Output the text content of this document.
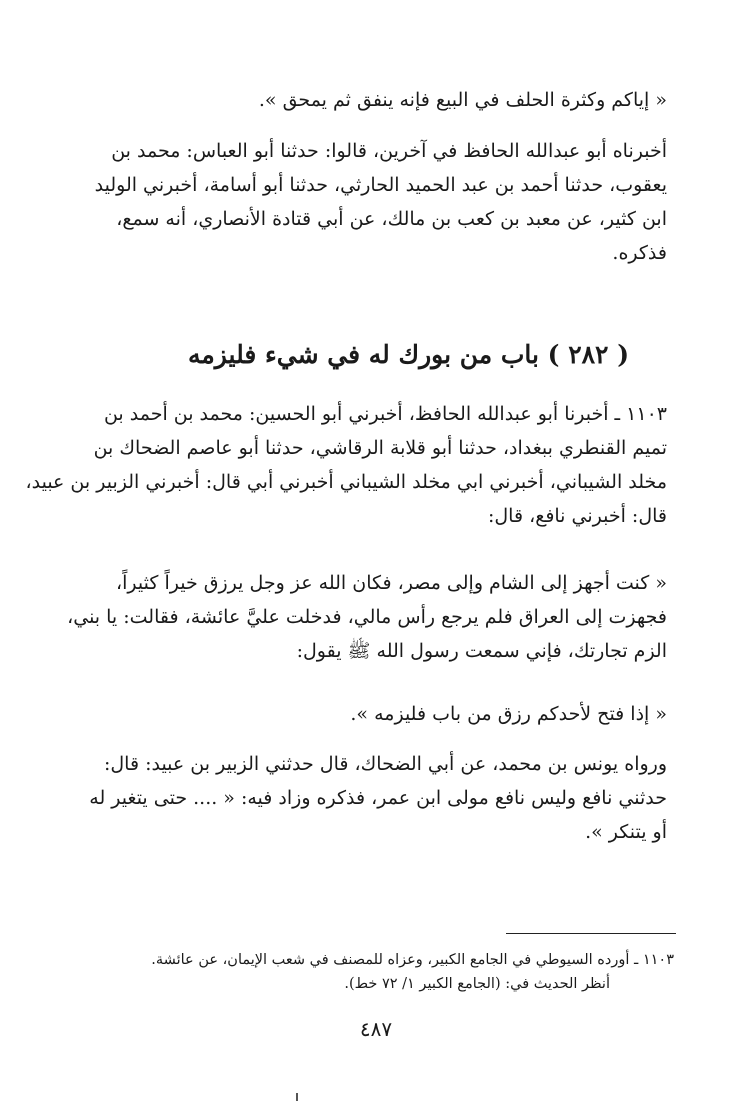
« إياكم وكثرة الحلف في البيع فإنه ينفق ثم يمحق ».
أخبرناه أبو عبدالله الحافظ في آخرين، قالوا: حدثنا أبو العباس: محمد بن
يعقوب، حدثنا أحمد بن عبد الحميد الحارثي، حدثنا أبو أسامة، أخبرني الوليد
ابن كثير، عن معبد بن كعب بن مالك، عن أبي قتادة الأنصاري، أنه سمع،
فذكره.
( ٢٨٢ ) باب من بورك له في شيء فليزمه
١١٠٣ ـ أخبرنا أبو عبدالله الحافظ، أخبرني أبو الحسين: محمد بن أحمد بن
تميم القنطري ببغداد، حدثنا أبو قلابة الرقاشي، حدثنا أبو عاصم الضحاك بن
مخلد الشيباني، أخبرني ابي مخلد الشيباني أخبرني أبي قال: أخبرني الزبير بن عبيد،
قال: أخبرني نافع، قال:
« كنت أجهز إلى الشام وإلى مصر، فكان الله عز وجل يرزق خيراً كثيراً،
فجهزت إلى العراق فلم يرجع رأس مالي، فدخلت عليَّ عائشة، فقالت: يا بني،
الزم تجارتك، فإني سمعت رسول الله ﷺ يقول:
« إذا فتح لأحدكم رزق من باب فليزمه ».
ورواه يونس بن محمد، عن أبي الضحاك، قال حدثني الزبير بن عبيد: قال:
حدثني نافع وليس نافع مولى ابن عمر، فذكره وزاد فيه: « .... حتى يتغير له
أو يتنكر ».
١١٠٣ ـ أورده السيوطي في الجامع الكبير، وعزاه للمصنف في شعب الإيمان، عن عائشة.
أنظر الحديث في: (الجامع الكبير ١/ ٧٢ خط).
٤٨٧
